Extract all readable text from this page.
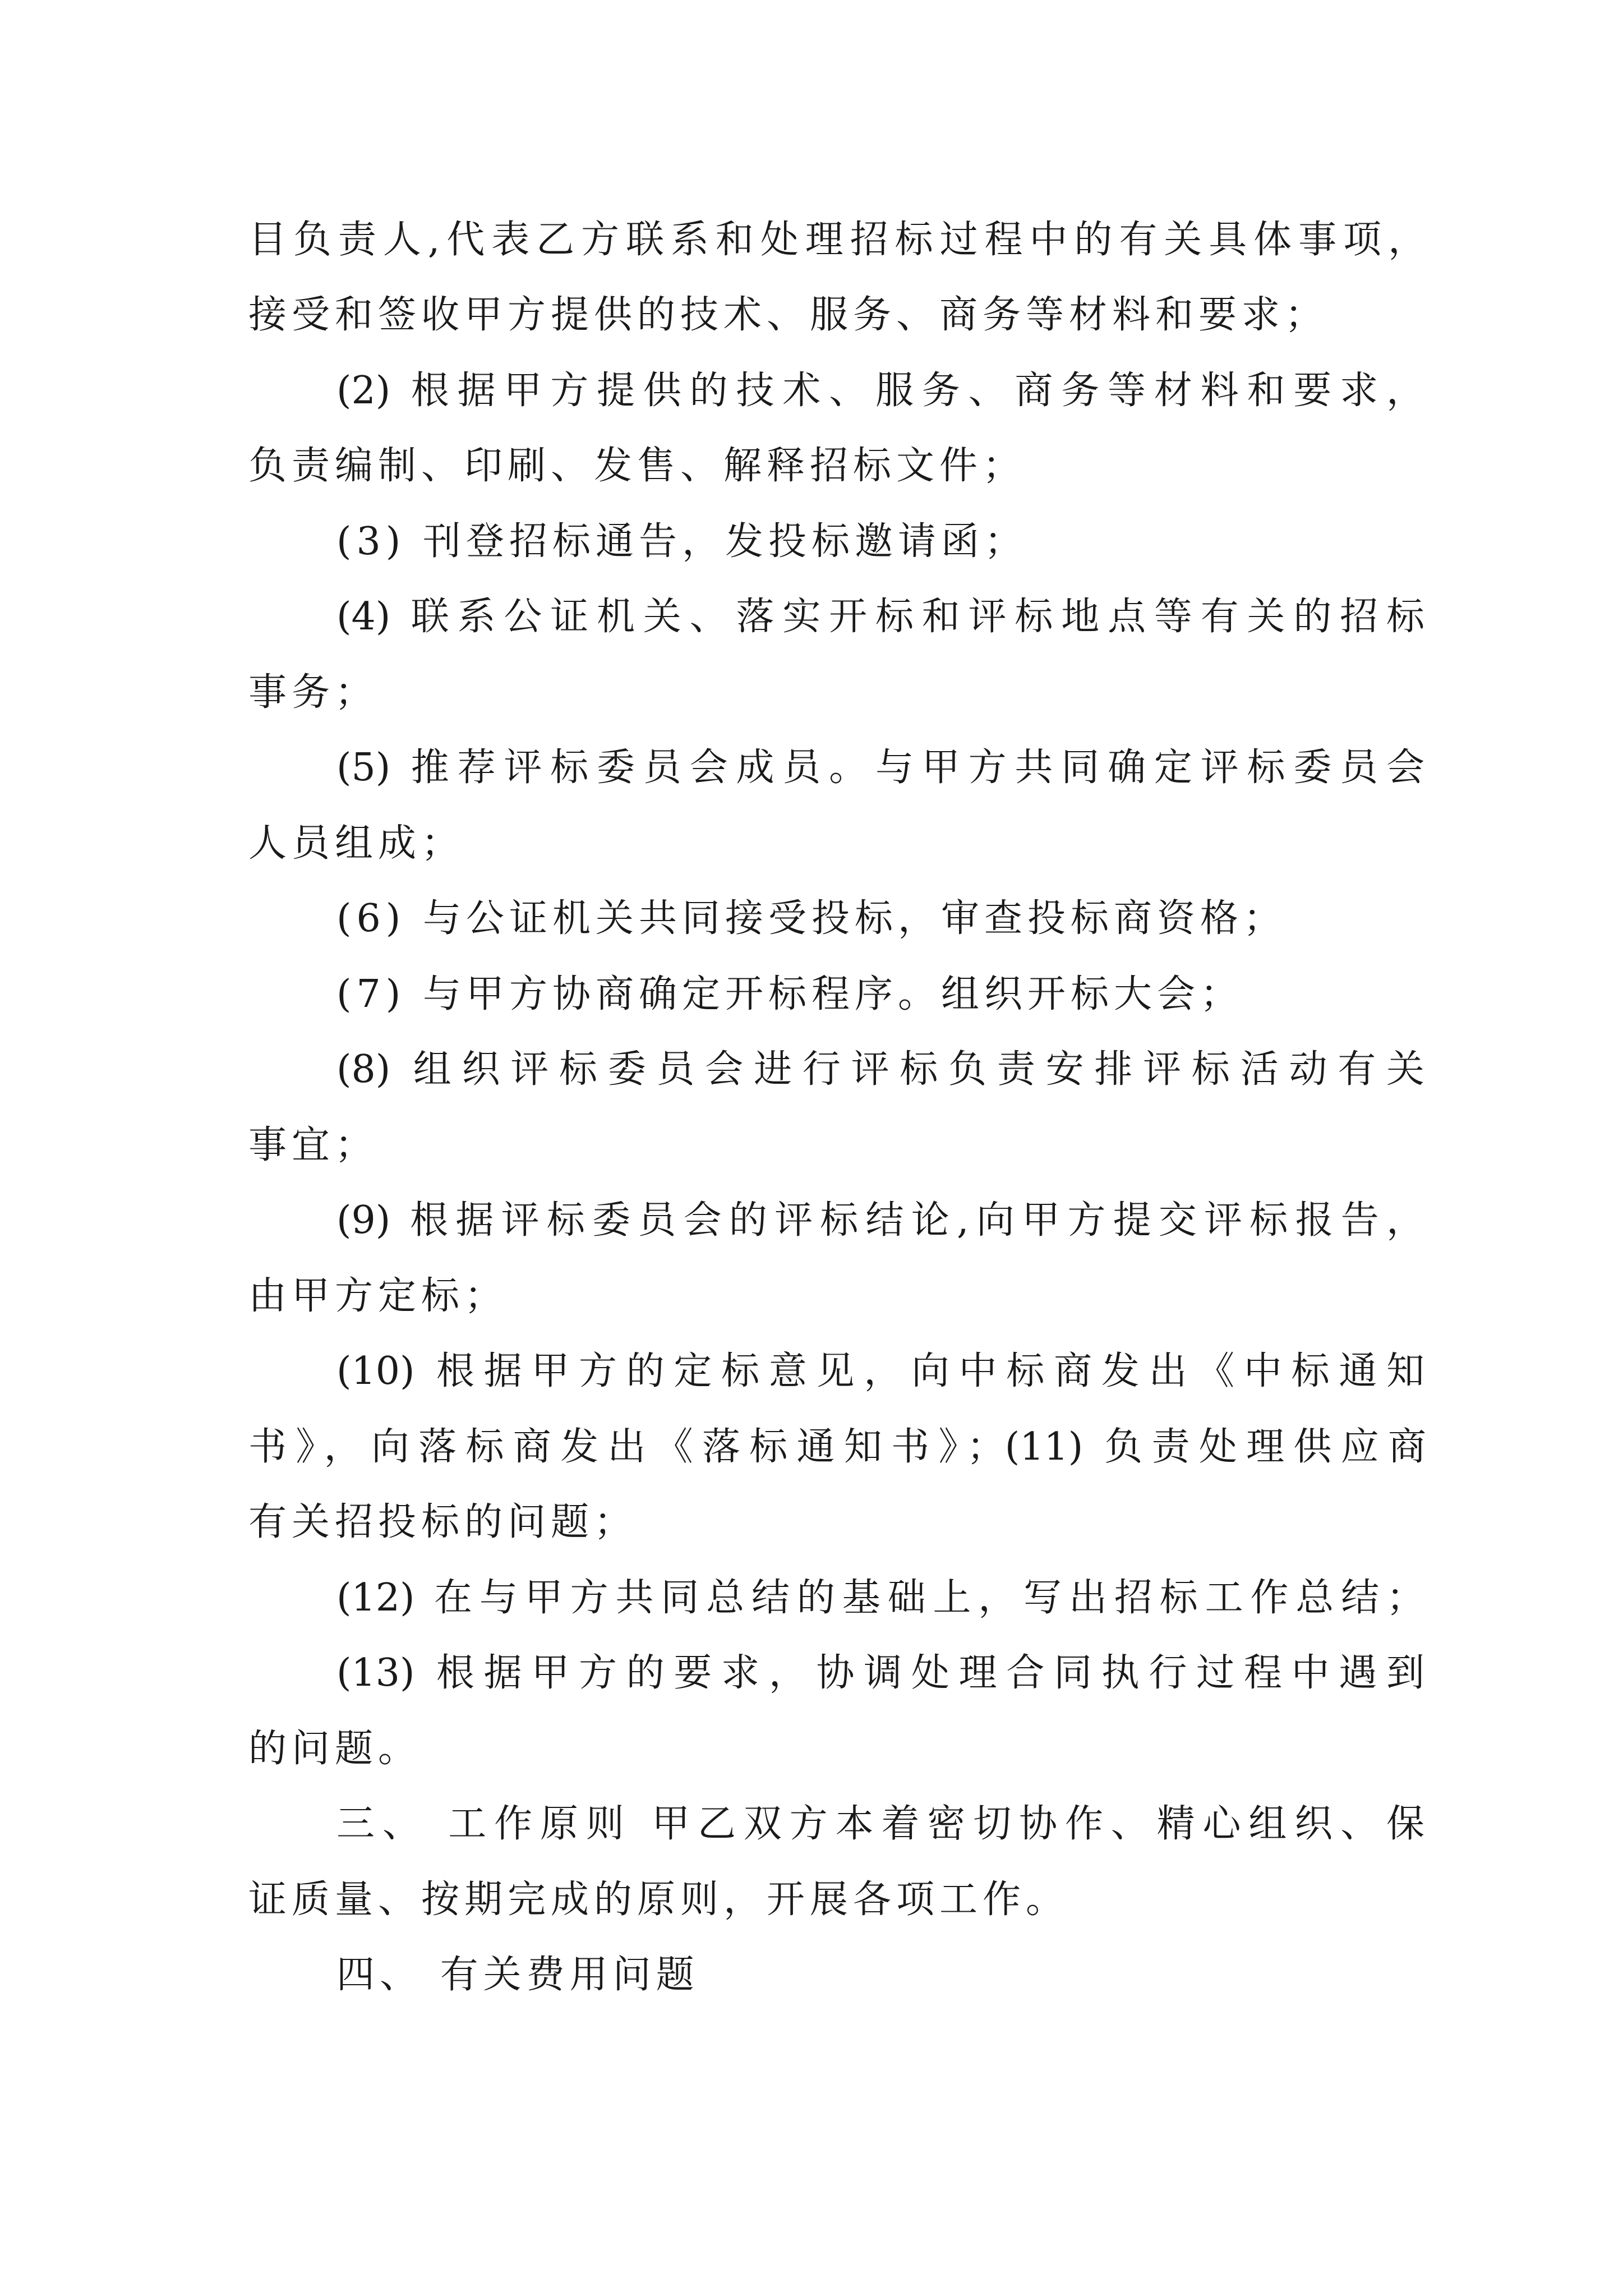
目负责人,代表乙方联系和处理招标过程中的有关具体事项，
接受和签收甲方提供的技术、服务、商务等材料和要求；
(2) 根据甲方提供的技术、服务、商务等材料和要求，
负责编制、印刷、发售、解释招标文件；
(3) 刊登招标通告，发投标邀请函；
(4) 联系公证机关、落实开标和评标地点等有关的招标
事务；
(5) 推荐评标委员会成员。与甲方共同确定评标委员会
人员组成；
(6) 与公证机关共同接受投标，审查投标商资格；
(7) 与甲方协商确定开标程序。组织开标大会；
(8) 组织评标委员会进行评标负责安排评标活动有关
事宜；
(9) 根据评标委员会的评标结论,向甲方提交评标报告，
由甲方定标；
(10) 根据甲方的定标意见，向中标商发出《中标通知
书》，向落标商发出《落标通知书》；(11) 负责处理供应商
有关招投标的问题；
(12) 在与甲方共同总结的基础上，写出招标工作总结；
(13) 根据甲方的要求，协调处理合同执行过程中遇到
的问题。
三、 工作原则 甲乙双方本着密切协作、精心组织、保
证质量、按期完成的原则，开展各项工作。
四、 有关费用问题
